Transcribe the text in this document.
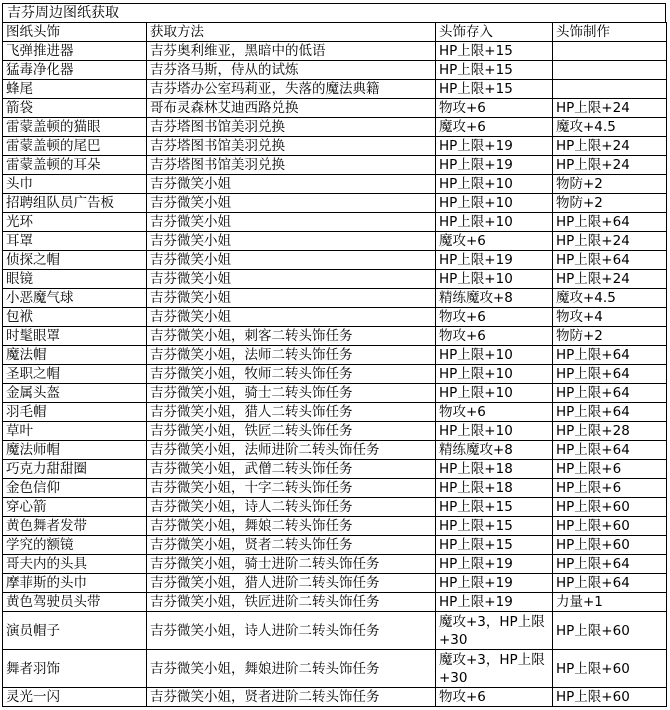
吉芬周边图纸获取
图纸头饰	获取方法	头饰存入	头饰制作
飞弹推进器	吉芬奥利维亚，黑暗中的低语	HP上限+15	
猛毒净化器	吉芬洛马斯，侍从的试炼	HP上限+15	
蜂尾	吉芬塔办公室玛莉亚，失落的魔法典籍	HP上限+15	
箭袋	哥布灵森林艾迪西路兑换	物攻+6	HP上限+24
雷蒙盖顿的猫眼	吉芬塔图书馆美羽兑换	魔攻+6	魔攻+4.5
雷蒙盖顿的尾巴	吉芬塔图书馆美羽兑换	HP上限+19	HP上限+24
雷蒙盖顿的耳朵	吉芬塔图书馆美羽兑换	HP上限+19	HP上限+24
头巾	吉芬微笑小姐	HP上限+10	物防+2
招聘组队员广告板	吉芬微笑小姐	HP上限+10	物防+2
光环	吉芬微笑小姐	HP上限+10	HP上限+64
耳罩	吉芬微笑小姐	魔攻+6	HP上限+24
侦探之帽	吉芬微笑小姐	HP上限+19	HP上限+64
眼镜	吉芬微笑小姐	HP上限+10	HP上限+24
小恶魔气球	吉芬微笑小姐	精练魔攻+8	魔攻+4.5
包袱	吉芬微笑小姐	物攻+6	物攻+4
时髦眼罩	吉芬微笑小姐，刺客二转头饰任务	物攻+6	物防+2
魔法帽	吉芬微笑小姐，法师二转头饰任务	HP上限+10	HP上限+64
圣职之帽	吉芬微笑小姐，牧师二转头饰任务	HP上限+10	HP上限+64
金属头盔	吉芬微笑小姐，骑士二转头饰任务	HP上限+10	HP上限+64
羽毛帽	吉芬微笑小姐，猎人二转头饰任务	物攻+6	HP上限+64
草叶	吉芬微笑小姐，铁匠二转头饰任务	HP上限+10	HP上限+28
魔法师帽	吉芬微笑小姐，法师进阶二转头饰任务	精练魔攻+8	HP上限+64
巧克力甜甜圈	吉芬微笑小姐，武僧二转头饰任务	HP上限+18	HP上限+6
金色信仰	吉芬微笑小姐，十字二转头饰任务	HP上限+18	HP上限+6
穿心箭	吉芬微笑小姐，诗人二转头饰任务	HP上限+15	HP上限+60
黄色舞者发带	吉芬微笑小姐，舞娘二转头饰任务	HP上限+15	HP上限+60
学究的额镜	吉芬微笑小姐，贤者二转头饰任务	HP上限+15	HP上限+60
哥夫内的头具	吉芬微笑小姐，骑士进阶二转头饰任务	HP上限+19	HP上限+64
摩菲斯的头巾	吉芬微笑小姐，猎人进阶二转头饰任务	HP上限+19	HP上限+64
黄色驾驶员头带	吉芬微笑小姐，铁匠进阶二转头饰任务	HP上限+19	力量+1
演员帽子	吉芬微笑小姐，诗人进阶二转头饰任务	魔攻+3，HP上限+30	HP上限+60
舞者羽饰	吉芬微笑小姐，舞娘进阶二转头饰任务	魔攻+3，HP上限+30	HP上限+60
灵光一闪	吉芬微笑小姐，贤者进阶二转头饰任务	物攻+6	HP上限+60
